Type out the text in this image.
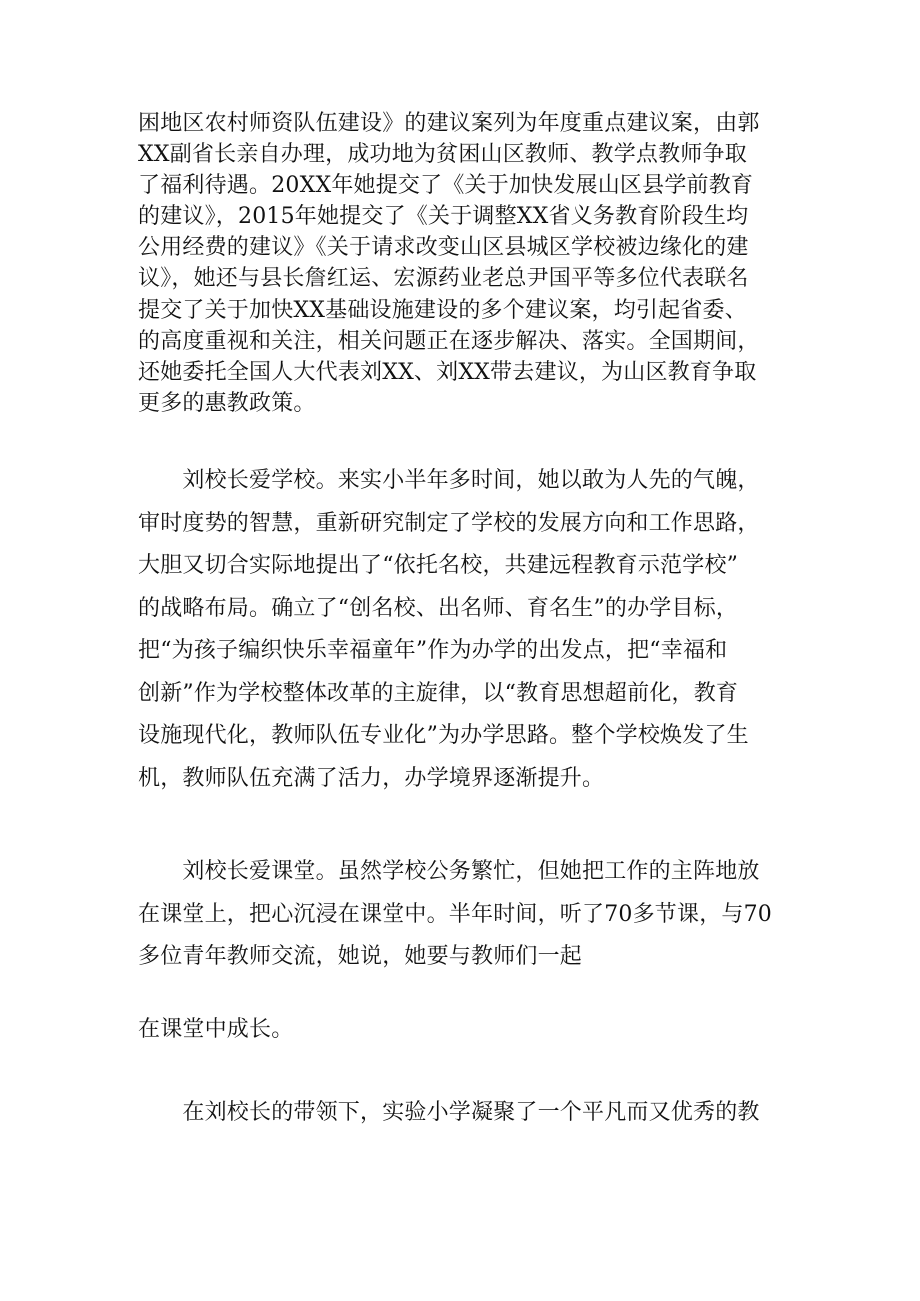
困地区农村师资队伍建设》的建议案列为年度重点建议案，由郭
XX副省长亲自办理，成功地为贫困山区教师、教学点教师争取
了福利待遇。20XX年她提交了《关于加快发展山区县学前教育
的建议》，2015年她提交了《关于调整XX省义务教育阶段生均
公用经费的建议》《关于请求改变山区县城区学校被边缘化的建
议》，她还与县长詹红运、宏源药业老总尹国平等多位代表联名
提交了关于加快XX基础设施建设的多个建议案，均引起省委、
的高度重视和关注，相关问题正在逐步解决、落实。全国期间，
还她委托全国人大代表刘XX、刘XX带去建议，为山区教育争取
更多的惠教政策。

　　刘校长爱学校。来实小半年多时间，她以敢为人先的气魄，
审时度势的智慧，重新研究制定了学校的发展方向和工作思路，
大胆又切合实际地提出了“依托名校，共建远程教育示范学校”
的战略布局。确立了“创名校、出名师、育名生”的办学目标，
把“为孩子编织快乐幸福童年”作为办学的出发点，把“幸福和
创新”作为学校整体改革的主旋律，以“教育思想超前化，教育
设施现代化，教师队伍专业化”为办学思路。整个学校焕发了生
机，教师队伍充满了活力，办学境界逐渐提升。

　　刘校长爱课堂。虽然学校公务繁忙，但她把工作的主阵地放
在课堂上，把心沉浸在课堂中。半年时间，听了70多节课，与70
多位青年教师交流，她说，她要与教师们一起

在课堂中成长。

　　在刘校长的带领下，实验小学凝聚了一个平凡而又优秀的教
